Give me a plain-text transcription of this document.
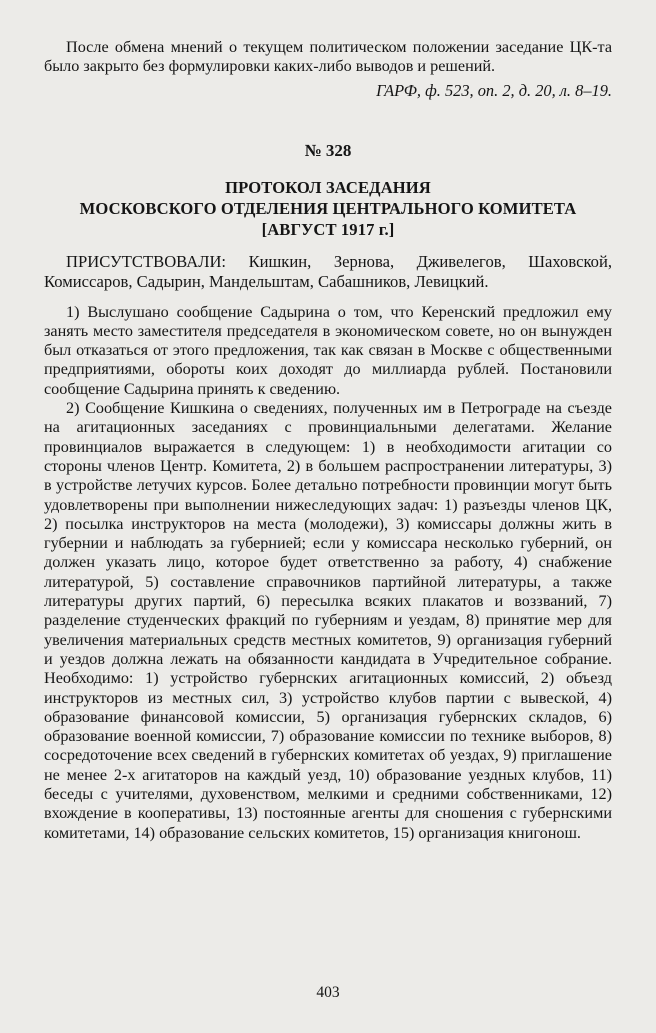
После обмена мнений о текущем политическом положении заседание ЦК-та было закрыто без формулировки каких-либо выводов и решений.

ГАРФ, ф. 523, оп. 2, д. 20, л. 8–19.
№ 328
ПРОТОКОЛ ЗАСЕДАНИЯ
МОСКОВСКОГО ОТДЕЛЕНИЯ ЦЕНТРАЛЬНОГО КОМИТЕТА
[АВГУСТ 1917 г.]

ПРИСУТСТВОВАЛИ: Кишкин, Зернова, Дживелегов, Шаховской, Комиссаров, Садырин, Мандельштам, Сабашников, Левицкий.

1) Выслушано сообщение Садырина о том, что Керенский предложил ему занять место заместителя председателя в экономическом совете, но он вынужден был отказаться от этого предложения, так как связан в Москве с общественными предприятиями, обороты коих доходят до миллиарда рублей. Постановили сообщение Садырина принять к сведению.

2) Сообщение Кишкина о сведениях, полученных им в Петрограде на съезде на агитационных заседаниях с провинциальными делегатами. Желание провинциалов выражается в следующем: 1) в необходимости агитации со стороны членов Центр. Комитета, 2) в большем распространении литературы, 3) в устройстве летучих курсов. Более детально потребности провинции могут быть удовлетворены при выполнении нижеследующих задач: 1) разъезды членов ЦК, 2) посылка инструкторов на места (молодежи), 3) комиссары должны жить в губернии и наблюдать за губернией; если у комиссара несколько губерний, он должен указать лицо, которое будет ответственно за работу, 4) снабжение литературой, 5) составление справочников партийной литературы, а также литературы других партий, 6) пересылка всяких плакатов и воззваний, 7) разделение студенческих фракций по губерниям и уездам, 8) принятие мер для увеличения материальных средств местных комитетов, 9) организация губерний и уездов должна лежать на обязанности кандидата в Учредительное собрание. Необходимо: 1) устройство губернских агитационных комиссий, 2) объезд инструкторов из местных сил, 3) устройство клубов партии с вывеской, 4) образование финансовой комиссии, 5) организация губернских складов, 6) образование военной комиссии, 7) образование комиссии по технике выборов, 8) сосредоточение всех сведений в губернских комитетах об уездах, 9) приглашение не менее 2-х агитаторов на каждый уезд, 10) образование уездных клубов, 11) беседы с учителями, духовенством, мелкими и средними собственниками, 12) вхождение в кооперативы, 13) постоянные агенты для сношения с губернскими комитетами, 14) образование сельских комитетов, 15) организация книгонош.

403
